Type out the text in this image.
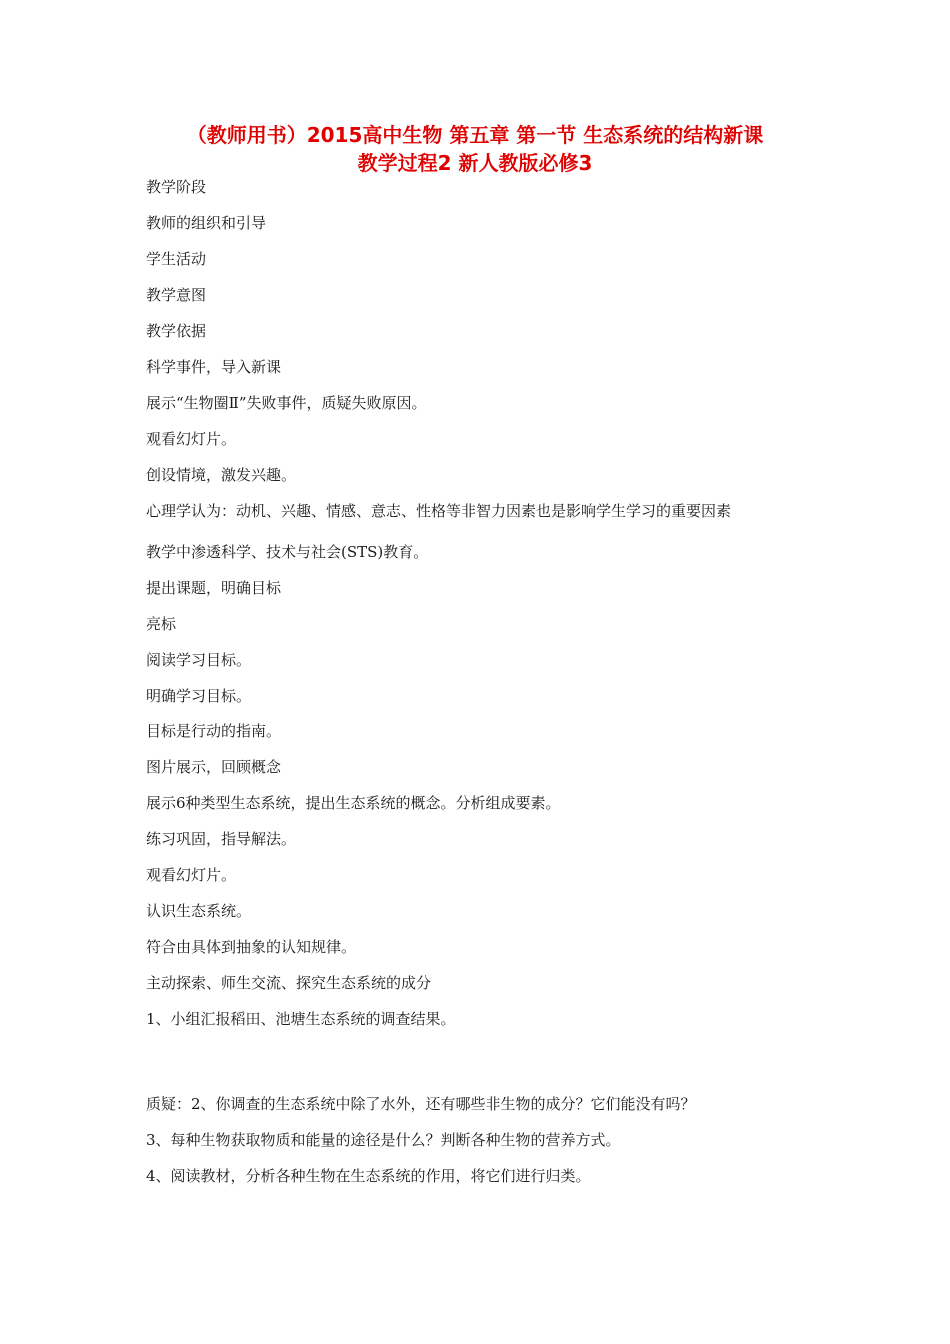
（教师用书）2015高中生物 第五章 第一节 生态系统的结构新课
教学过程2 新人教版必修3
教学阶段
教师的组织和引导
学生活动
教学意图
教学依据
科学事件，导入新课
展示“生物圈Ⅱ”失败事件，质疑失败原因。
观看幻灯片。
创设情境，激发兴趣。
心理学认为：动机、兴趣、情感、意志、性格等非智力因素也是影响学生学习的重要因素
教学中渗透科学、技术与社会(STS)教育。
提出课题，明确目标
亮标
阅读学习目标。
明确学习目标。
目标是行动的指南。
图片展示，回顾概念
展示6种类型生态系统，提出生态系统的概念。分析组成要素。
练习巩固，指导解法。
观看幻灯片。
认识生态系统。
符合由具体到抽象的认知规律。
主动探索、师生交流、探究生态系统的成分
1、小组汇报稻田、池塘生态系统的调查结果。
质疑：2、你调查的生态系统中除了水外，还有哪些非生物的成分？它们能没有吗？
3、每种生物获取物质和能量的途径是什么？判断各种生物的营养方式。
4、阅读教材，分析各种生物在生态系统的作用，将它们进行归类。
